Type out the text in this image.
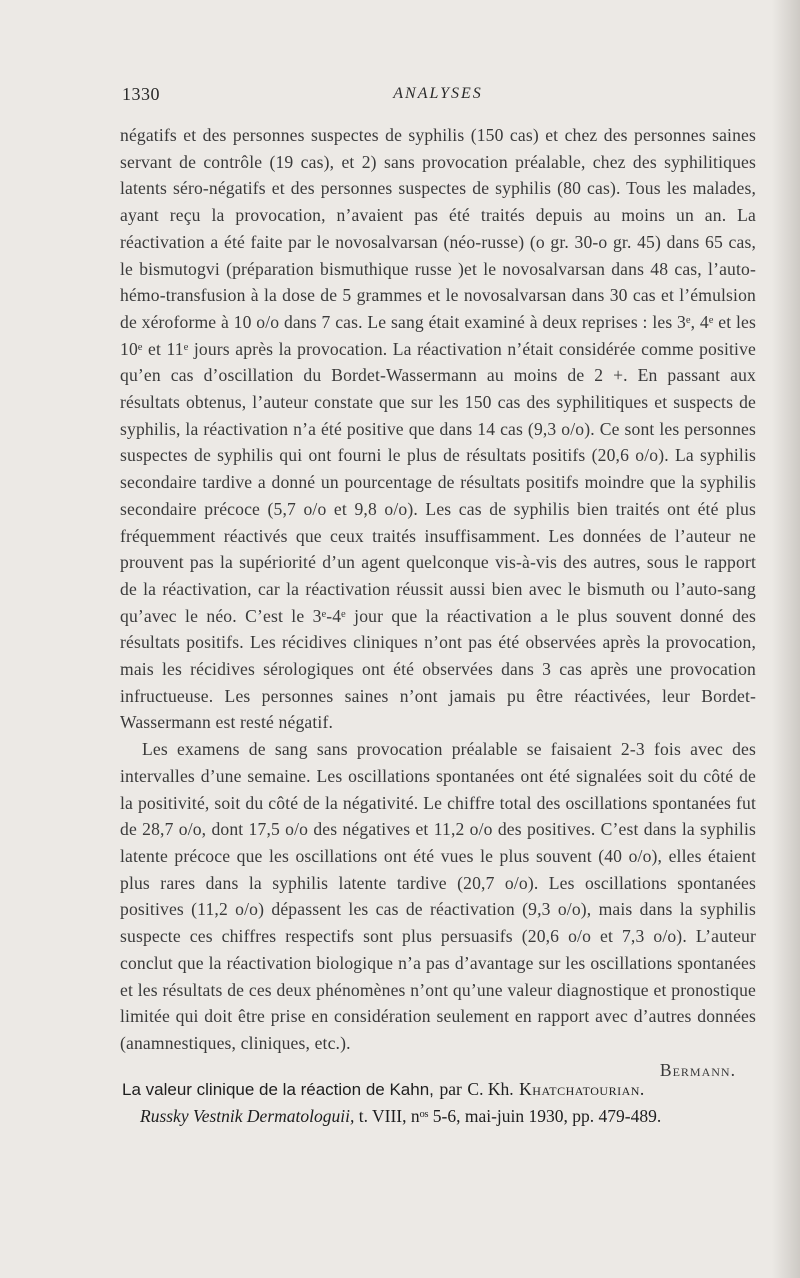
1330	ANALYSES

négatifs et des personnes suspectes de syphilis (150 cas) et chez des personnes saines servant de contrôle (19 cas), et 2) sans provocation préalable, chez des syphilitiques latents séro-négatifs et des personnes suspectes de syphilis (80 cas). Tous les malades, ayant reçu la provocation, n’avaient pas été traités depuis au moins un an. La réactivation a été faite par le novosalvarsan (néo-russe) (o gr. 30-o gr. 45) dans 65 cas, le bismutogvi (préparation bismuthique russe )et le novosalvarsan dans 48 cas, l’auto-hémo-transfusion à la dose de 5 grammes et le novosalvarsan dans 30 cas et l’émulsion de xéroforme à 10 o/o dans 7 cas. Le sang était examiné à deux reprises : les 3ᵉ, 4ᵉ et les 10ᵉ et 11ᵉ jours après la provocation. La réactivation n’était considérée comme positive qu’en cas d’oscillation du Bordet-Wassermann au moins de 2 +. En passant aux résultats obtenus, l’auteur constate que sur les 150 cas des syphilitiques et suspects de syphilis, la réactivation n’a été positive que dans 14 cas (9,3 o/o). Ce sont les personnes suspectes de syphilis qui ont fourni le plus de résultats positifs (20,6 o/o). La syphilis secondaire tardive a donné un pourcentage de résultats positifs moindre que la syphilis secondaire précoce (5,7 o/o et 9,8 o/o). Les cas de syphilis bien traités ont été plus fréquemment réactivés que ceux traités insuffisamment. Les données de l’auteur ne prouvent pas la supériorité d’un agent quelconque vis-à-vis des autres, sous le rapport de la réactivation, car la réactivation réussit aussi bien avec le bismuth ou l’auto-sang qu’avec le néo. C’est le 3ᵉ-4ᵉ jour que la réactivation a le plus souvent donné des résultats positifs. Les récidives cliniques n’ont pas été observées après la provocation, mais les récidives sérologiques ont été observées dans 3 cas après une provocation infructueuse. Les personnes saines n’ont jamais pu être réactivées, leur Bordet-Wassermann est resté négatif.

Les examens de sang sans provocation préalable se faisaient 2-3 fois avec des intervalles d’une semaine. Les oscillations spontanées ont été signalées soit du côté de la positivité, soit du côté de la négativité. Le chiffre total des oscillations spontanées fut de 28,7 o/o, dont 17,5 o/o des négatives et 11,2 o/o des positives. C’est dans la syphilis latente précoce que les oscillations ont été vues le plus souvent (40 o/o), elles étaient plus rares dans la syphilis latente tardive (20,7 o/o). Les oscillations spontanées positives (11,2 o/o) dépassent les cas de réactivation (9,3 o/o), mais dans la syphilis suspecte ces chiffres respectifs sont plus persuasifs (20,6 o/o et 7,3 o/o). L’auteur conclut que la réactivation biologique n’a pas d’avantage sur les oscillations spontanées et les résultats de ces deux phénomènes n’ont qu’une valeur diagnostique et pronostique limitée qui doit être prise en considération seulement en rapport avec d’autres données (anamnestiques, cliniques, etc.).

Bermann.
La valeur clinique de la réaction de Kahn, par C. Kh. Khatchatourian.
Russky Vestnik Dermatologuii, t. VIII, nᵒˢ 5-6, mai-juin 1930, pp. 479-489.
